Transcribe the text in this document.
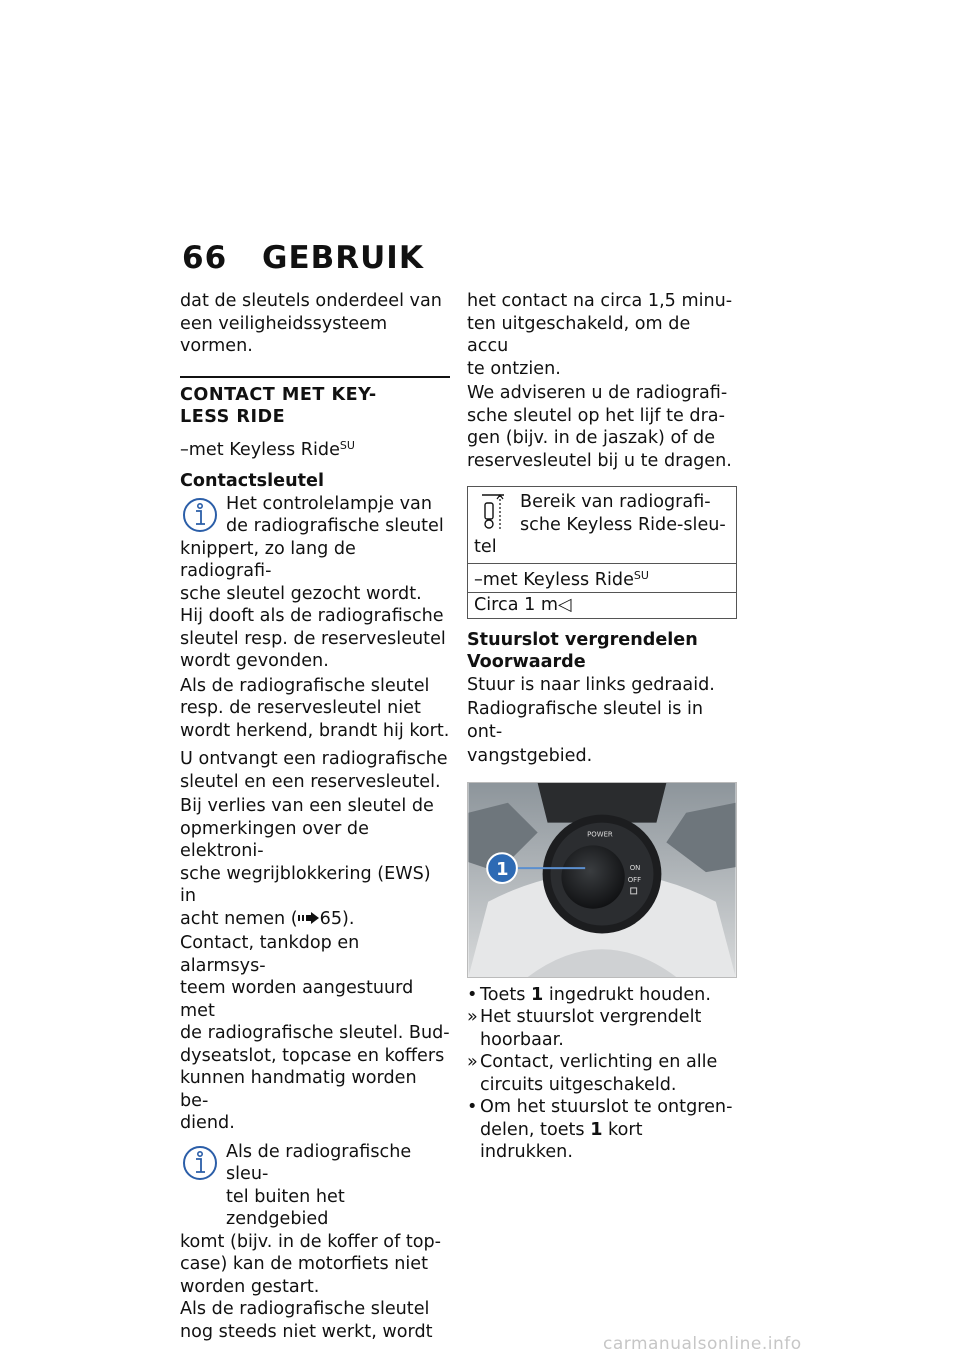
66 GEBRUIK
dat de sleutels onderdeel van
een veiligheidssysteem vormen.
CONTACT MET KEY-
LESS RIDE
–met Keyless Ride$^{SU}$
Contactsleutel
Het controlelampje van
de radiografische sleutel
knippert, zo lang de radiografi-
sche sleutel gezocht wordt.
Hij dooft als de radiografische
sleutel resp. de reservesleutel
wordt gevonden.
Als de radiografische sleutel
resp. de reservesleutel niet
wordt herkend, brandt hij kort.
U ontvangt een radiografische
sleutel en een reservesleutel.
Bij verlies van een sleutel de
opmerkingen over de elektroni-
sche wegrijblokkering (EWS) in
acht nemen ( 65).
Contact, tankdop en alarmsys-
teem worden aangestuurd met
de radiografische sleutel. Bud-
dyseatslot, topcase en koffers
kunnen handmatig worden be-
diend.
Als de radiografische sleu-
tel buiten het zendgebied
komt (bijv. in de koffer of top-
case) kan de motorfiets niet
worden gestart.
Als de radiografische sleutel
nog steeds niet werkt, wordt
het contact na circa 1,5 minu-
ten uitgeschakeld, om de accu
te ontzien.
We adviseren u de radiografi-
sche sleutel op het lijf te dra-
gen (bijv. in de jaszak) of de
reservesleutel bij u te dragen.
Bereik van radiografi-
sche Keyless Ride-sleu-
tel
–met Keyless Ride$^{SU}$
Circa 1 m◁
Stuurslot vergrendelen
Voorwaarde
Stuur is naar links gedraaid.
Radiografische sleutel is in ont-
vangstgebied.
POWER
ON
OFF
1
• Toets 1 ingedrukt houden.
» Het stuurslot vergrendelt
hoorbaar.
» Contact, verlichting en alle
circuits uitgeschakeld.
• Om het stuurslot te ontgren-
delen, toets 1 kort indrukken.
carmanualsonline.info
